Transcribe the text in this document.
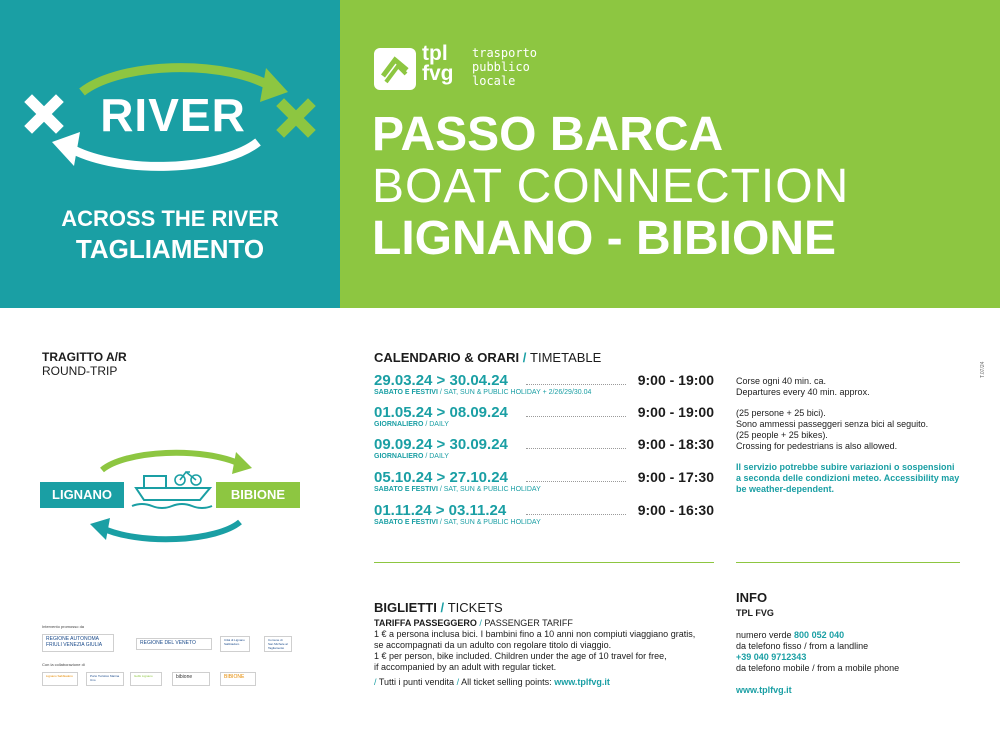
RIVER
ACROSS THE RIVER
TAGLIAMENTO
tpl
fvg
trasporto
pubblico
locale
PASSO BARCA
BOAT CONNECTION
LIGNANO - BIBIONE
TRAGITTO A/R
ROUND-TRIP
LIGNANO	BIBIONE
CALENDARIO & ORARI / TIMETABLE
29.03.24 > 30.04.24	9:00 - 19:00
SABATO E FESTIVI / SAT, SUN & PUBLIC HOLIDAY + 2/26/29/30.04
01.05.24 > 08.09.24	9:00 - 19:00
GIORNALIERO / DAILY
09.09.24 > 30.09.24	9:00 - 18:30
GIORNALIERO / DAILY
05.10.24 > 27.10.24	9:00 - 17:30
SABATO E FESTIVI / SAT, SUN & PUBLIC HOLIDAY
01.11.24 > 03.11.24	9:00 - 16:30
SABATO E FESTIVI / SAT, SUN & PUBLIC HOLIDAY

Corse ogni 40 min. ca.
Departures every 40 min. approx.

(25 persone + 25 bici).
Sono ammessi passeggeri senza bici al seguito.
(25 people + 25 bikes).
Crossing for pedestrians is also allowed.

Il servizio potrebbe subire variazioni o sospensioni
a seconda delle condizioni meteo. Accessibility may
be weather-dependent.

T.07/24
BIGLIETTI / TICKETS
TARIFFA PASSEGGERO / PASSENGER TARIFF
1 € a persona inclusa bici. I bambini fino a 10 anni non compiuti viaggiano gratis,
se accompagnati da un adulto con regolare titolo di viaggio.
1 € per person, bike included. Children under the age of 10 travel for free,
if accompanied by an adult with regular ticket.
/ Tutti i punti vendita / All ticket selling points: www.tplfvg.it
INFO
TPL FVG
numero verde 800 052 040
da telefono fisso / from a landline
+39 040 9712343
da telefono mobile / from a mobile phone
www.tplfvg.it
Intervento promosso da
REGIONE AUTONOMA FRIULI VENEZIA GIULIA	REGIONE DEL VENETO	Città di Lignano Sabbiadoro
Comune di San Michele al Tagliamento
Con la collaborazione di
Lignano Sabbiadoro	Porto Turistico Marina Uno
Golfo Lignano	bibione	BIBIONE
